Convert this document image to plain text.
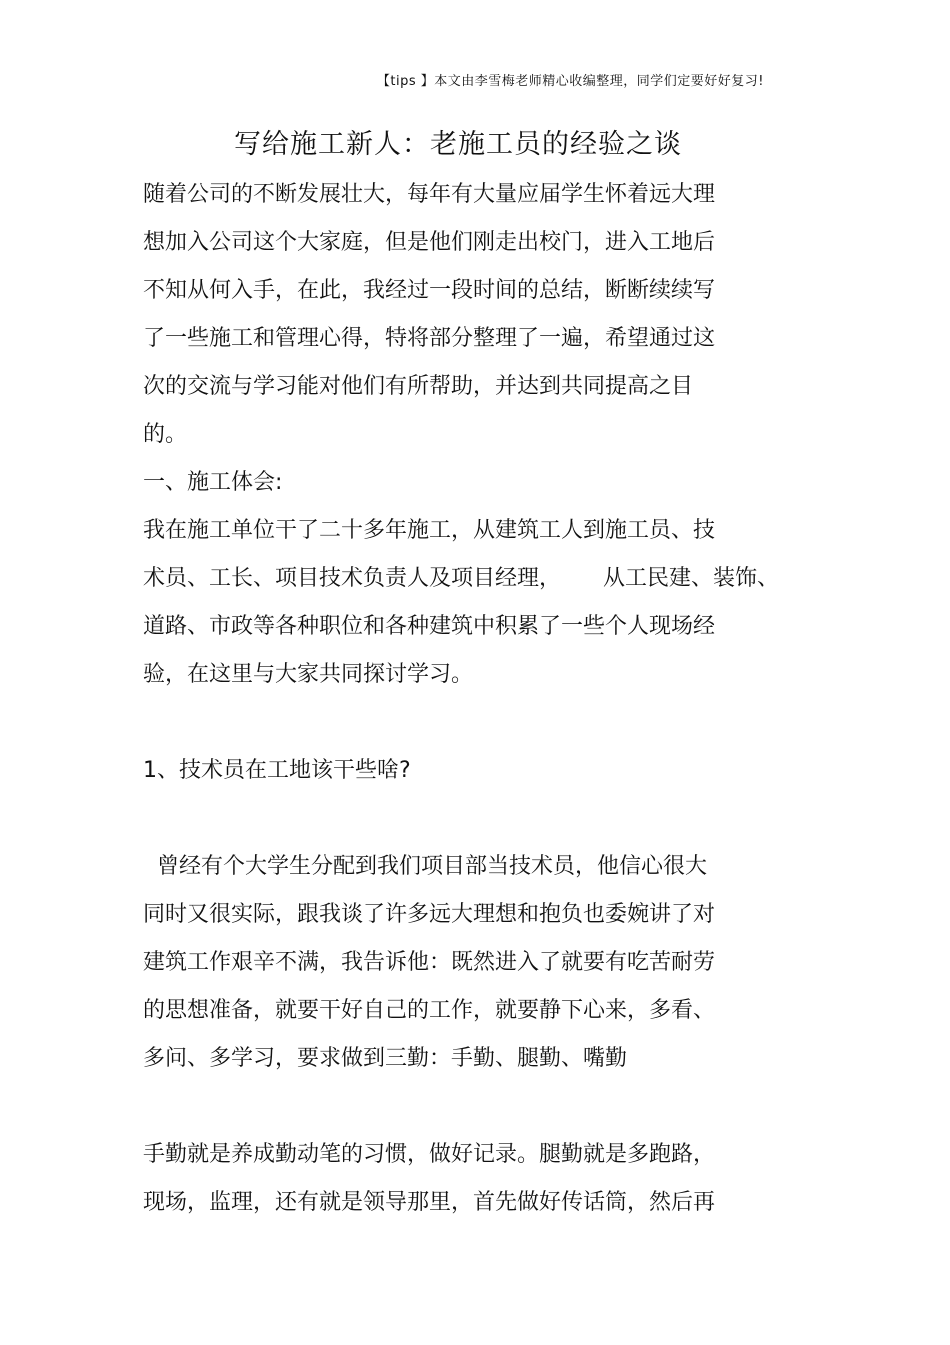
【tips 】本文由李雪梅老师精心收编整理，同学们定要好好复习!
写给施工新人：老施工员的经验之谈
随着公司的不断发展壮大，每年有大量应届学生怀着远大理
想加入公司这个大家庭，但是他们刚走出校门，进入工地后
不知从何入手，在此，我经过一段时间的总结，断断续续写
了一些施工和管理心得，特将部分整理了一遍，希望通过这
次的交流与学习能对他们有所帮助，并达到共同提高之目
的。
一、施工体会:
我在施工单位干了二十多年施工，从建筑工人到施工员、技
术员、工长、项目技术负责人及项目经理，      从工民建、装饰、
道路、市政等各种职位和各种建筑中积累了一些个人现场经
验，在这里与大家共同探讨学习。
1、技术员在工地该干些啥?
曾经有个大学生分配到我们项目部当技术员，他信心很大
同时又很实际，跟我谈了许多远大理想和抱负也委婉讲了对
建筑工作艰辛不满，我告诉他：既然进入了就要有吃苦耐劳
的思想准备，就要干好自己的工作，就要静下心来，多看、
多问、多学习，要求做到三勤：手勤、腿勤、嘴勤
手勤就是养成勤动笔的习惯，做好记录。腿勤就是多跑路，
现场，监理，还有就是领导那里，首先做好传话筒，然后再
